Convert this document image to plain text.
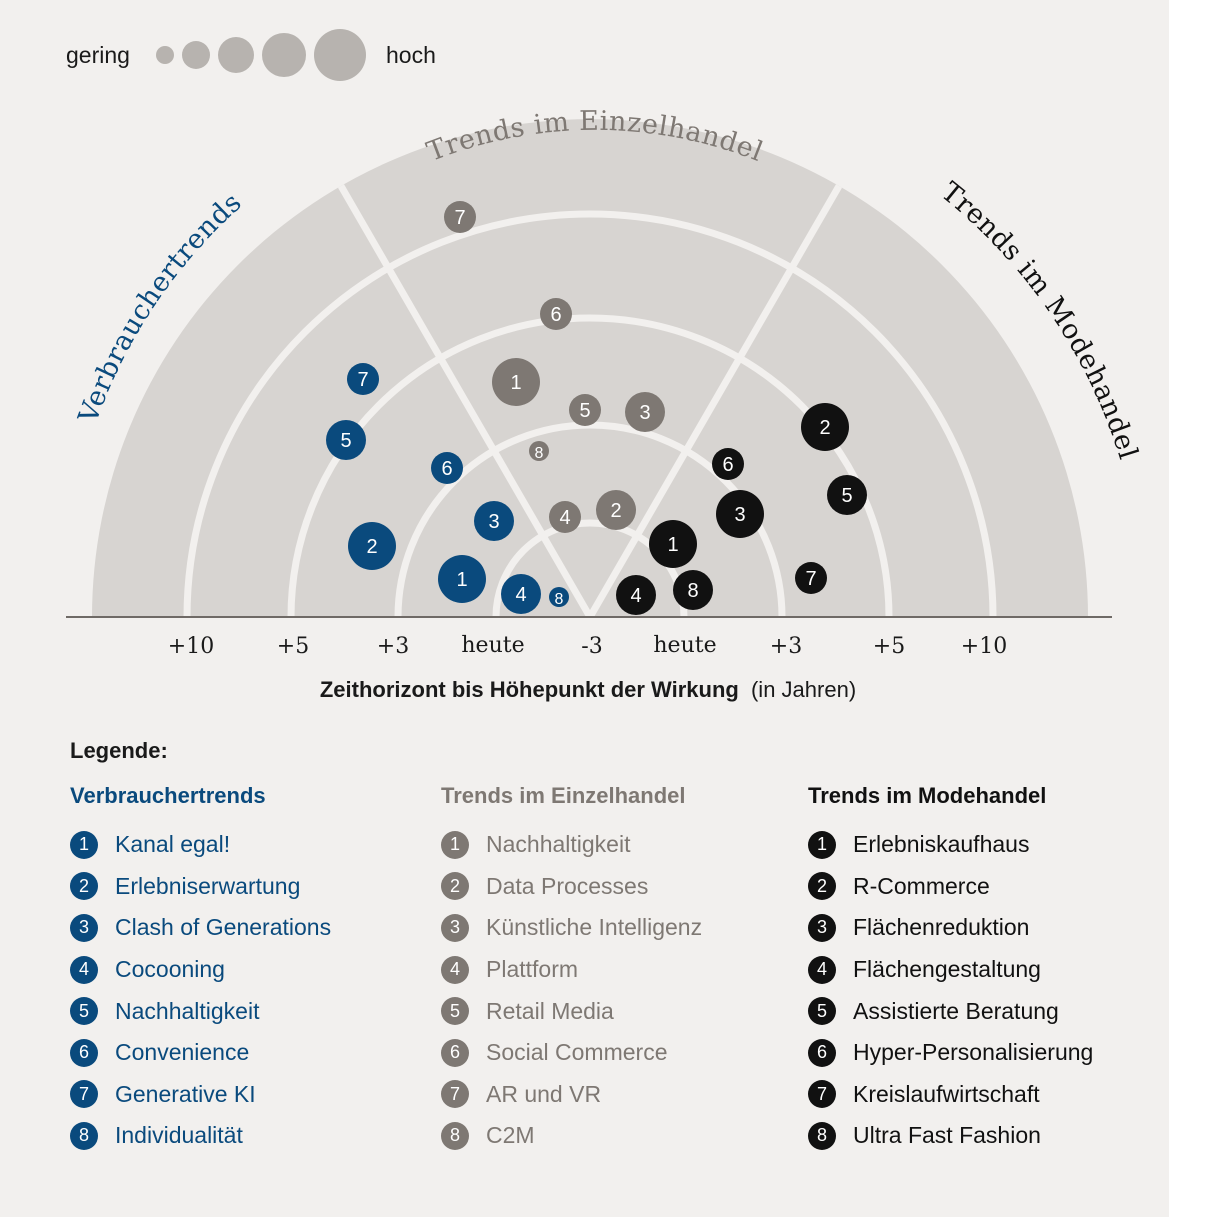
gering	hoch
Trends im Einzelhandel
Trends im Modehandel
Verbrauchertrends
+10	+5	+3 heute	-3 heute +3	+5	+10
Zeithorizont bis Höhepunkt der Wirkung (in Jahren)
1
2
3
4
5
6
7
8
1
2
3
4
5
6
7
8
1
2
3
4
5
6
7
8
Legende:
Verbrauchertrends
1	Kanal egal!
2	Erlebniserwartung
3	Clash of Generations
4	Cocooning
5	Nachhaltigkeit
6	Convenience
7	Generative KI
8	Individualität
Trends im Einzelhandel
1	Nachhaltigkeit
2	Data Processes
3	Künstliche Intelligenz
4	Plattform
5	Retail Media
6	Social Commerce
7	AR und VR
8	C2M
Trends im Modehandel
1	Erlebniskaufhaus
2	R-Commerce
3	Flächenreduktion
4	Flächengestaltung
5	Assistierte Beratung
6	Hyper-Personalisierung
7	Kreislaufwirtschaft
8	Ultra Fast Fashion
